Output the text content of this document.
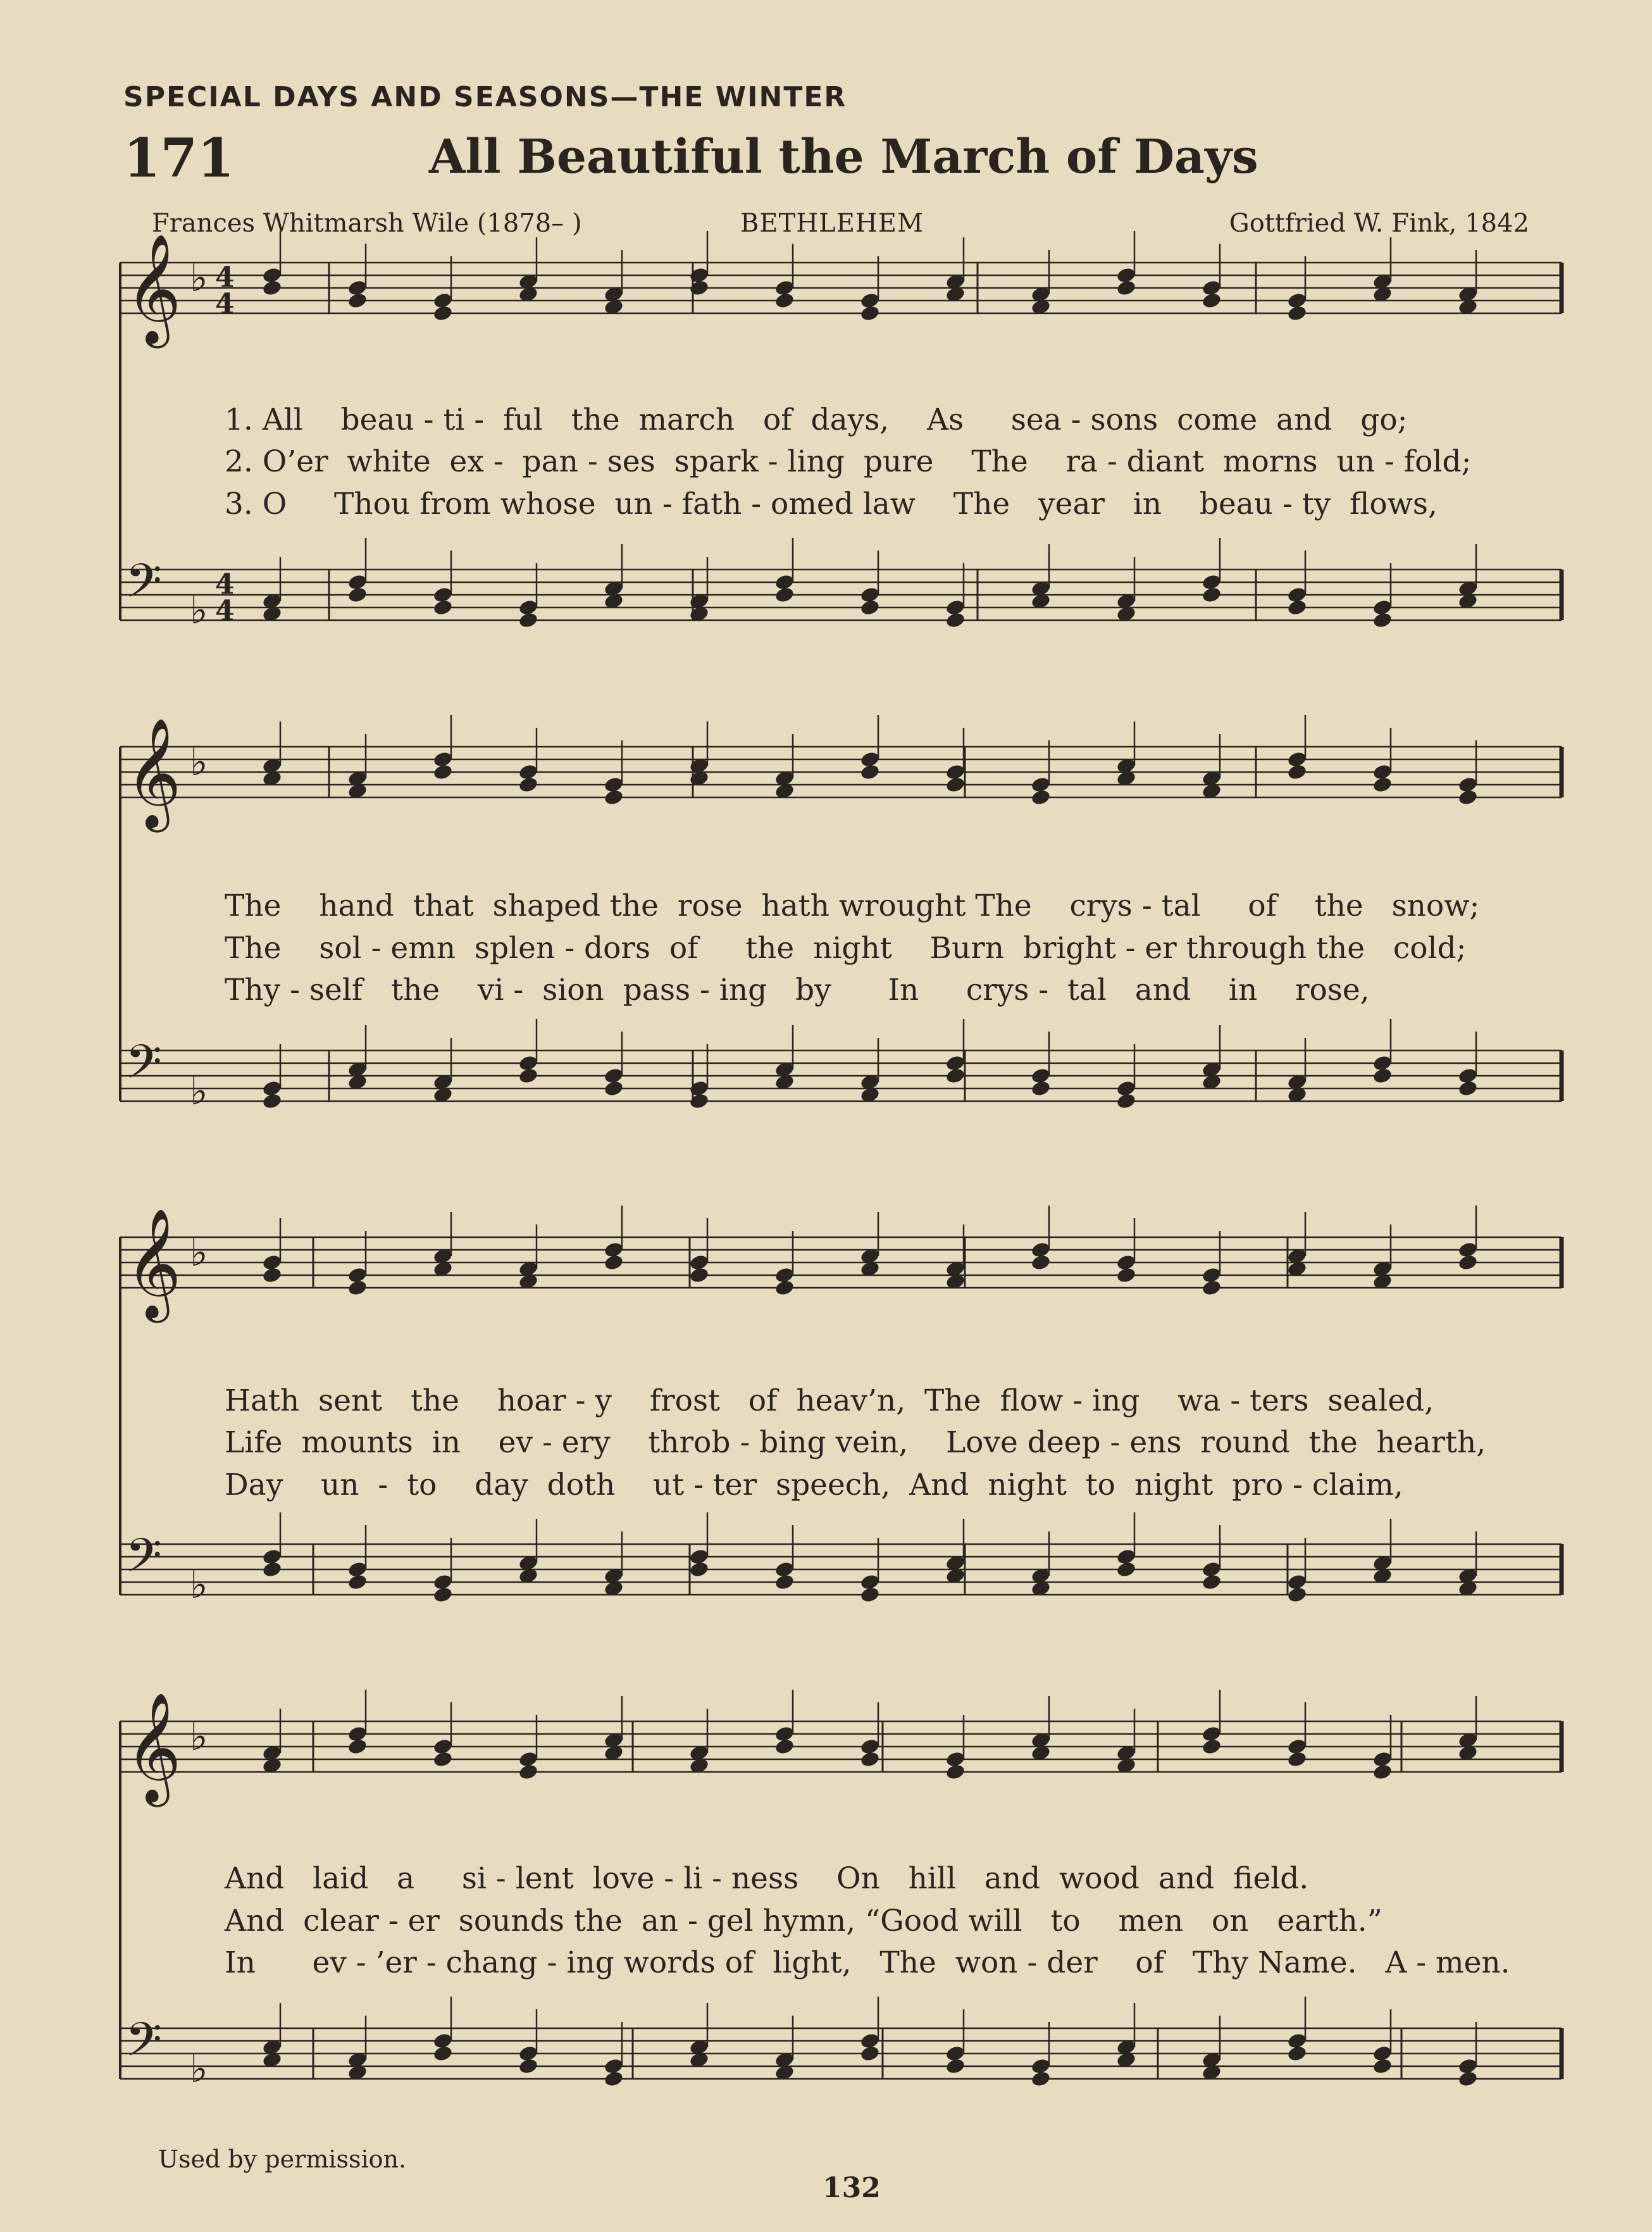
SPECIAL DAYS AND SEASONS—THE WINTER
171	All Beautiful the March of Days
Frances Whitmarsh Wile (1878– )	BETHLEHEM	Gottfried W. Fink, 1842
𝄞 ♭ 4
4
𝄢 ♭
4
4
𝄞 ♭
𝄢 ♭
𝄞 ♭
𝄢 ♭
𝄞 ♭
𝄢 ♭
1. All    beau - ti -  ful   the  march   of  days,    As     sea - sons  come  and   go;
2. O’er  white  ex -  pan - ses  spark - ling  pure    The    ra - diant  morns  un - fold;
3. O     Thou from whose  un - fath - omed law    The   year   in    beau - ty  flows,
The    hand  that  shaped the  rose  hath wrought The    crys - tal     of    the   snow;
The    sol - emn  splen - dors  of     the  night    Burn  bright - er through the   cold;
Thy - self   the    vi -  sion  pass - ing   by      In     crys -  tal   and    in    rose,
Hath  sent   the    hoar - y    frost   of  heav’n,  The  flow - ing    wa - ters  sealed,
Life  mounts  in    ev - ery    throb - bing vein,    Love deep - ens  round  the  hearth,
Day    un  -  to    day  doth    ut - ter  speech,  And  night  to  night  pro - claim,
And   laid   a     si - lent  love - li - ness    On   hill   and  wood  and  field.
And  clear - er  sounds the  an - gel hymn, “Good will   to    men   on   earth.”
In      ev - ’er - chang - ing words of  light,   The  won - der    of   Thy Name.   A - men.
Used by permission.
132
